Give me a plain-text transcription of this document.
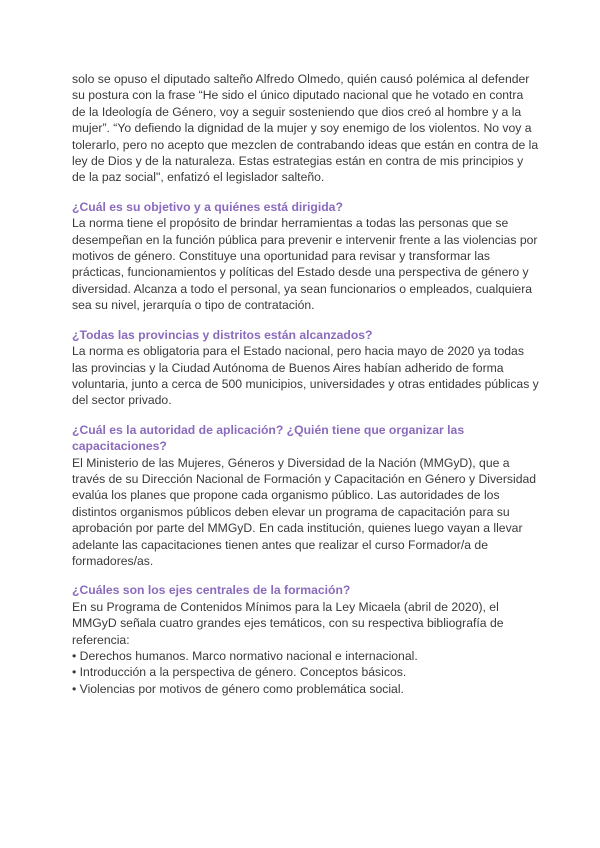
solo se opuso el diputado salteño Alfredo Olmedo, quién causó polémica al defender su postura con la frase “He sido el único diputado nacional que he votado en contra de la Ideología de Género, voy a seguir sosteniendo que dios creó al hombre y a la mujer”. “Yo defiendo la dignidad de la mujer y soy enemigo de los violentos. No voy a tolerarlo, pero no acepto que mezclen de contrabando ideas que están en contra de la ley de Dios y de la naturaleza. Estas estrategias están en contra de mis principios y de la paz social", enfatizó el legislador salteño.

¿Cuál es su objetivo y a quiénes está dirigida?

La norma tiene el propósito de brindar herramientas a todas las personas que se desempeñan en la función pública para prevenir e intervenir frente a las violencias por motivos de género. Constituye una oportunidad para revisar y transformar las prácticas, funcionamientos y políticas del Estado desde una perspectiva de género y diversidad. Alcanza a todo el personal, ya sean funcionarios o empleados, cualquiera sea su nivel, jerarquía o tipo de contratación.

¿Todas las provincias y distritos están alcanzados?

La norma es obligatoria para el Estado nacional, pero hacia mayo de 2020 ya todas las provincias y la Ciudad Autónoma de Buenos Aires habían adherido de forma voluntaria, junto a cerca de 500 municipios, universidades y otras entidades públicas y del sector privado.

¿Cuál es la autoridad de aplicación? ¿Quién tiene que organizar las capacitaciones?

El Ministerio de las Mujeres, Géneros y Diversidad de la Nación (MMGyD), que a través de su Dirección Nacional de Formación y Capacitación en Género y Diversidad evalúa los planes que propone cada organismo público. Las autoridades de los distintos organismos públicos deben elevar un programa de capacitación para su aprobación por parte del MMGyD. En cada institución, quienes luego vayan a llevar adelante las capacitaciones tienen antes que realizar el curso Formador/a de formadores/as.

¿Cuáles son los ejes centrales de la formación?

En su Programa de Contenidos Mínimos para la Ley Micaela (abril de 2020), el MMGyD señala cuatro grandes ejes temáticos, con su respectiva bibliografía de referencia:

• Derechos humanos. Marco normativo nacional e internacional.
• Introducción a la perspectiva de género. Conceptos básicos.
• Violencias por motivos de género como problemática social.
